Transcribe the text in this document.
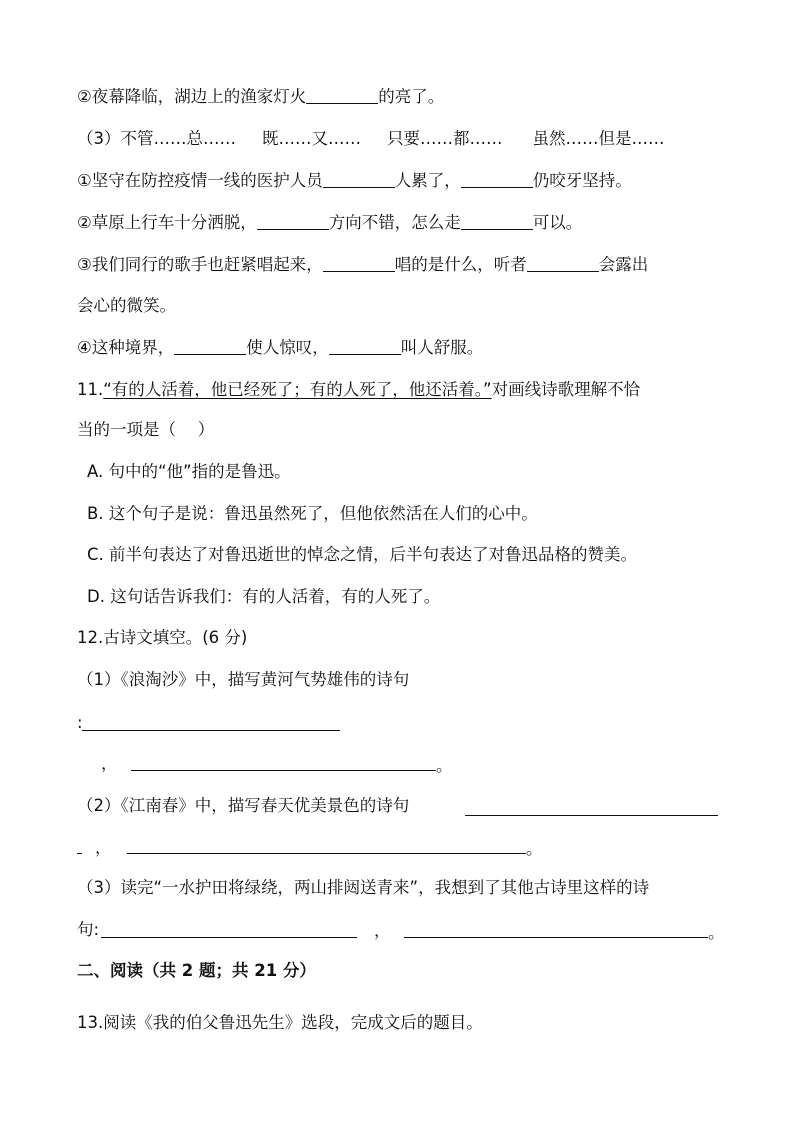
②夜幕降临，湖边上的渔家灯火	的亮了。
（3）不管……总…… 既……又…… 只要……都…… 虽然……但是……
①坚守在防控疫情一线的医护人员	人累了，	仍咬牙坚持。
②草原上行车十分洒脱，	方向不错，怎么走	可以。
③我们同行的歌手也赶紧唱起来，	唱的是什么，听者	会露出
会心的微笑。
④这种境界，	使人惊叹，	叫人舒服。
11.“有的人活着，他已经死了；有的人死了，他还活着。”对画线诗歌理解不恰
当的一项是（　 ）
A. 句中的“他”指的是鲁迅。
B. 这个句子是说：鲁迅虽然死了，但他依然活在人们的心中。
C. 前半句表达了对鲁迅逝世的悼念之情，后半句表达了对鲁迅品格的赞美。
D. 这句话告诉我们：有的人活着，有的人死了。
12.古诗文填空。(6 分)
（1）《浪淘沙》中，描写黄河气势雄伟的诗句
:
，	。
（2）《江南春》中，描写春天优美景色的诗句
，	。
（3）读完“一水护田将绿绕，两山排闼送青来”，我想到了其他古诗里这样的诗
句:	，	。
二、阅读（共 2 题；共 21 分）
13.阅读《我的伯父鲁迅先生》选段，完成文后的题目。
